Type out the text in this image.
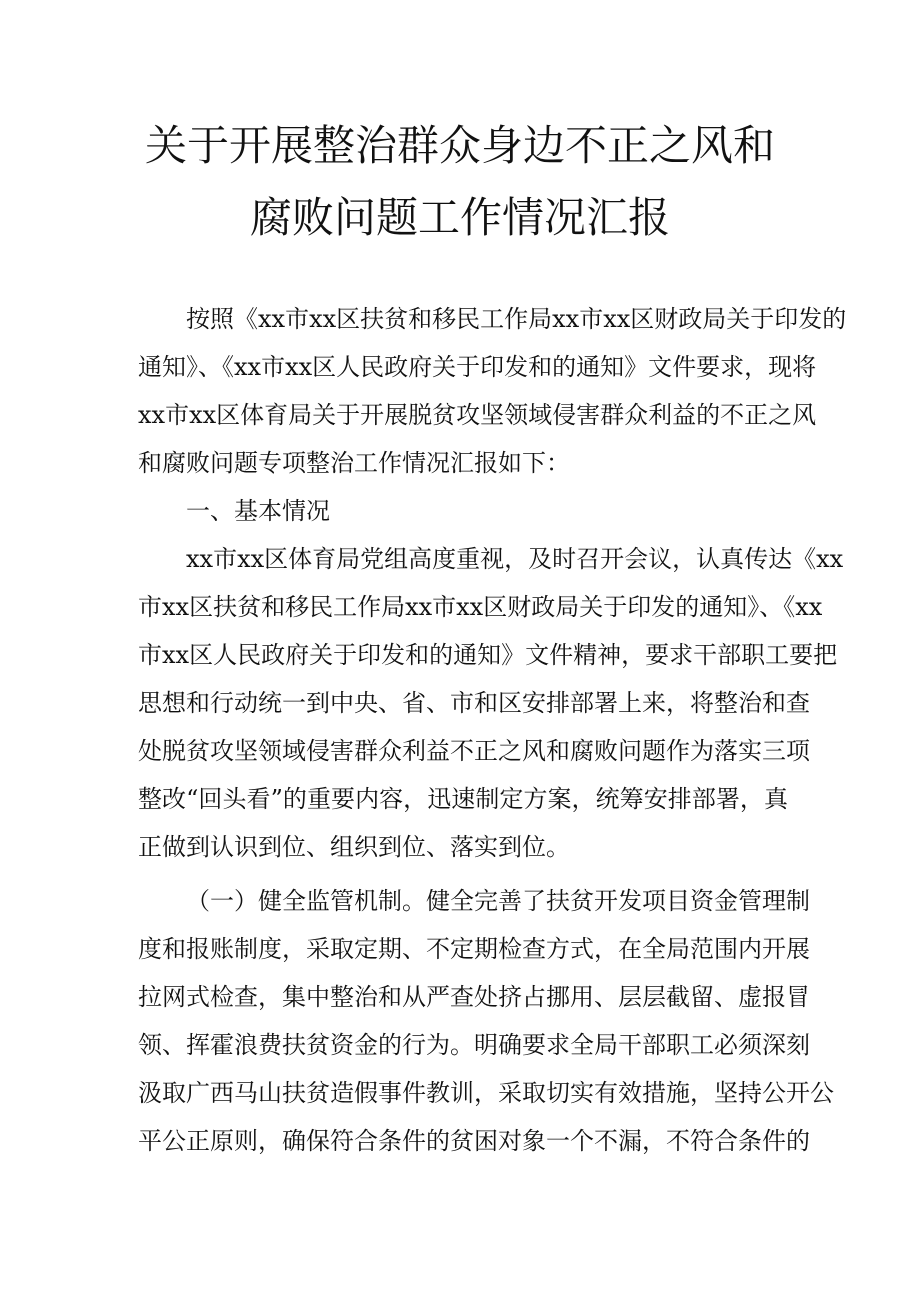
关于开展整治群众身边不正之风和
腐败问题工作情况汇报
按照《xx市xx区扶贫和移民工作局xx市xx区财政局关于印发的
通知》、《xx市xx区人民政府关于印发和的通知》文件要求，现将
xx市xx区体育局关于开展脱贫攻坚领域侵害群众利益的不正之风
和腐败问题专项整治工作情况汇报如下：
一、基本情况
xx市xx区体育局党组高度重视，及时召开会议，认真传达《xx
市xx区扶贫和移民工作局xx市xx区财政局关于印发的通知》、《xx
市xx区人民政府关于印发和的通知》文件精神，要求干部职工要把
思想和行动统一到中央、省、市和区安排部署上来，将整治和查
处脱贫攻坚领域侵害群众利益不正之风和腐败问题作为落实三项
整改“回头看”的重要内容，迅速制定方案，统筹安排部署，真
正做到认识到位、组织到位、落实到位。
（一）健全监管机制。健全完善了扶贫开发项目资金管理制
度和报账制度，采取定期、不定期检查方式，在全局范围内开展
拉网式检查，集中整治和从严查处挤占挪用、层层截留、虚报冒
领、挥霍浪费扶贫资金的行为。明确要求全局干部职工必须深刻
汲取广西马山扶贫造假事件教训，采取切实有效措施，坚持公开公
平公正原则，确保符合条件的贫困对象一个不漏，不符合条件的
